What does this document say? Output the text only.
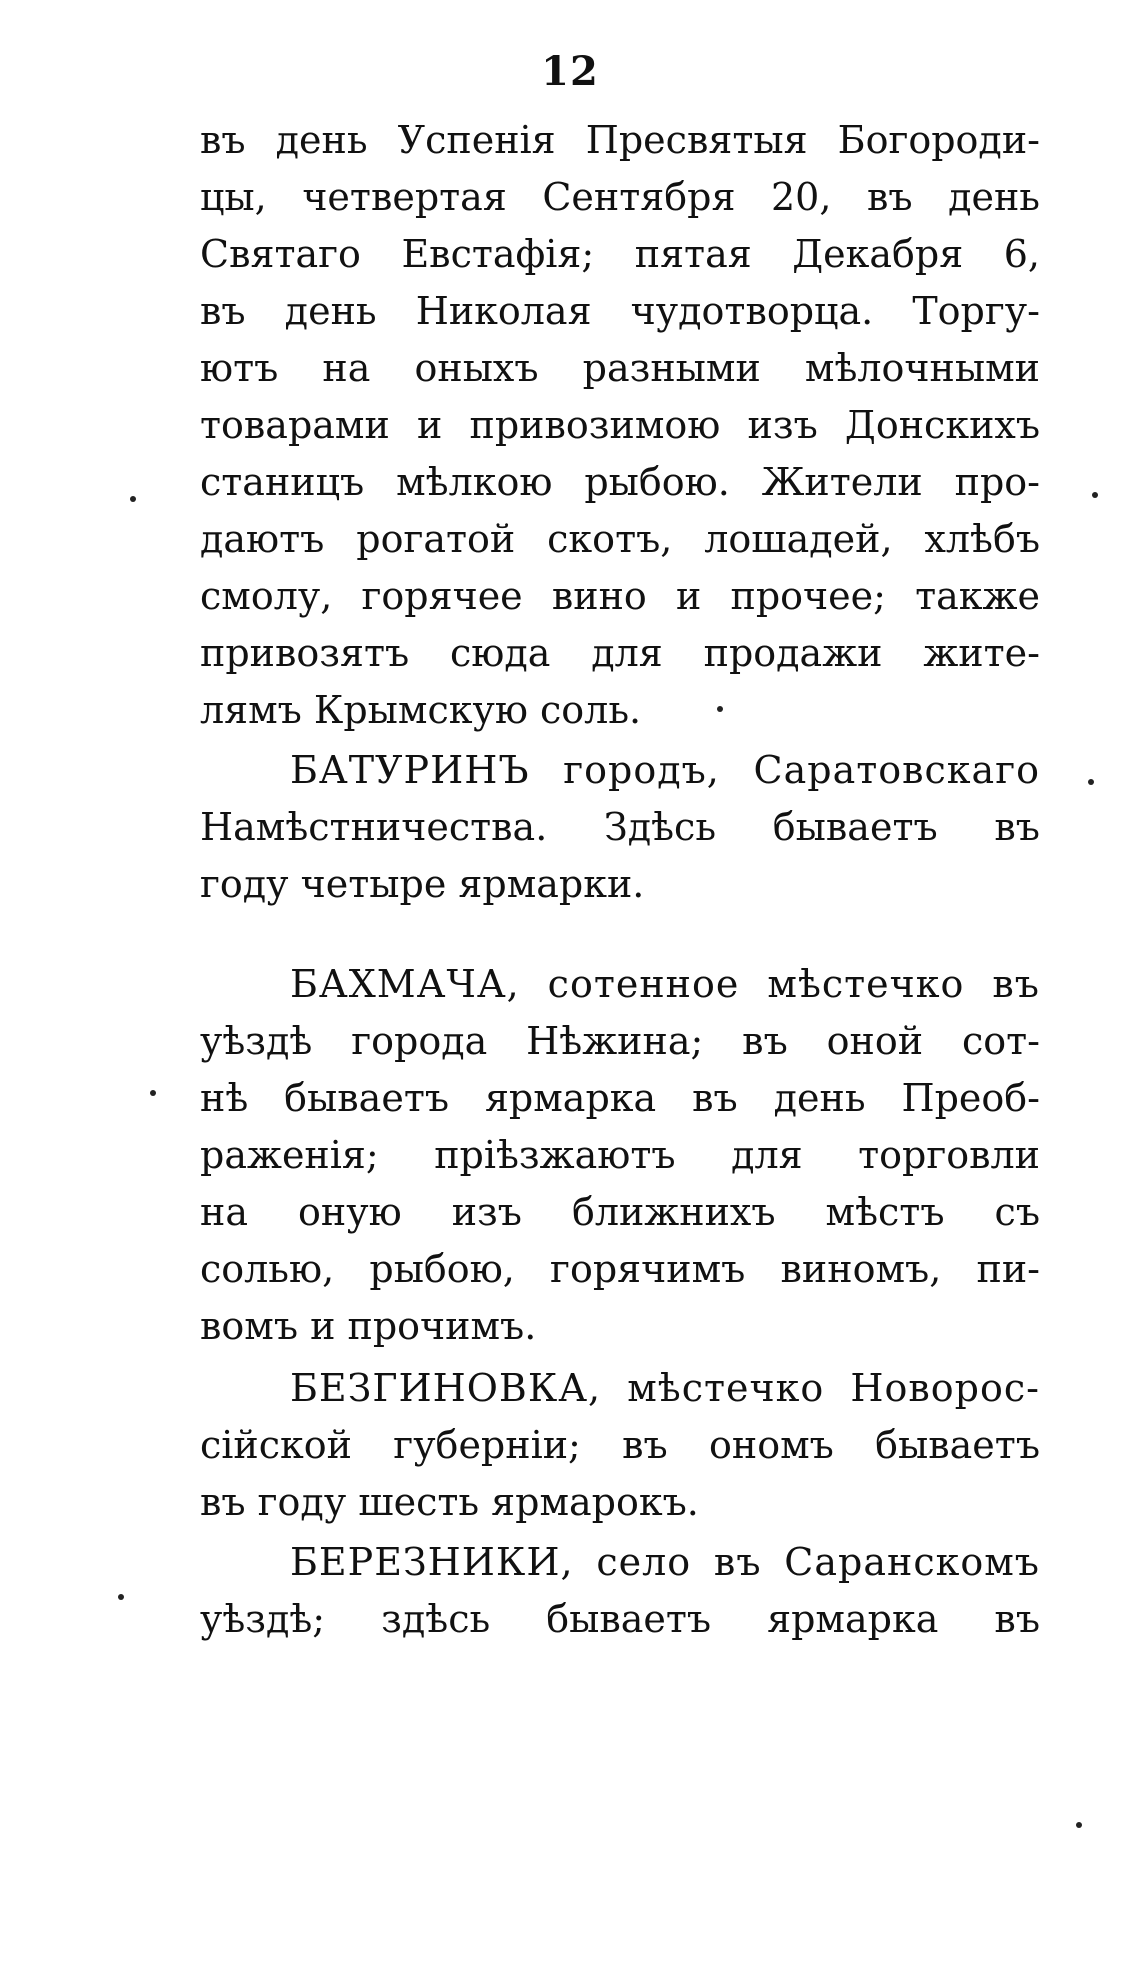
12
въ день Успенія Пресвятыя Богороди-
цы, четвертая Сентября 20, въ день
Святаго Евстафія; пятая Декабря 6,
въ день Николая чудотворца. Торгу-
ютъ на оныхъ разными мѣлочными
товарами и привозимою изъ Донскихъ
станицъ мѣлкою рыбою. Жители про-
даютъ рогатой скотъ, лошадей, хлѣбъ
смолу, горячее вино и прочее; также
привозятъ сюда для продажи жите-
лямъ Крымскую соль.
БАТУРИНЪ городъ, Саратовскаго
Намѣстничества. Здѣсь бываетъ въ
году четыре ярмарки.
БАХМАЧА, сотенное мѣстечко въ
уѣздѣ города Нѣжина; въ оной сот-
нѣ бываетъ ярмарка въ день Преоб-
раженія; пріѣзжаютъ для торговли
на оную изъ ближнихъ мѣстъ съ
солью, рыбою, горячимъ виномъ, пи-
вомъ и прочимъ.
БЕЗГИНОВКА, мѣстечко Новорос-
сійской губерніи; въ ономъ бываетъ
въ году шесть ярмарокъ.
БЕРЕЗНИКИ, село въ Саранскомъ
уѣздѣ; здѣсь бываетъ ярмарка въ
